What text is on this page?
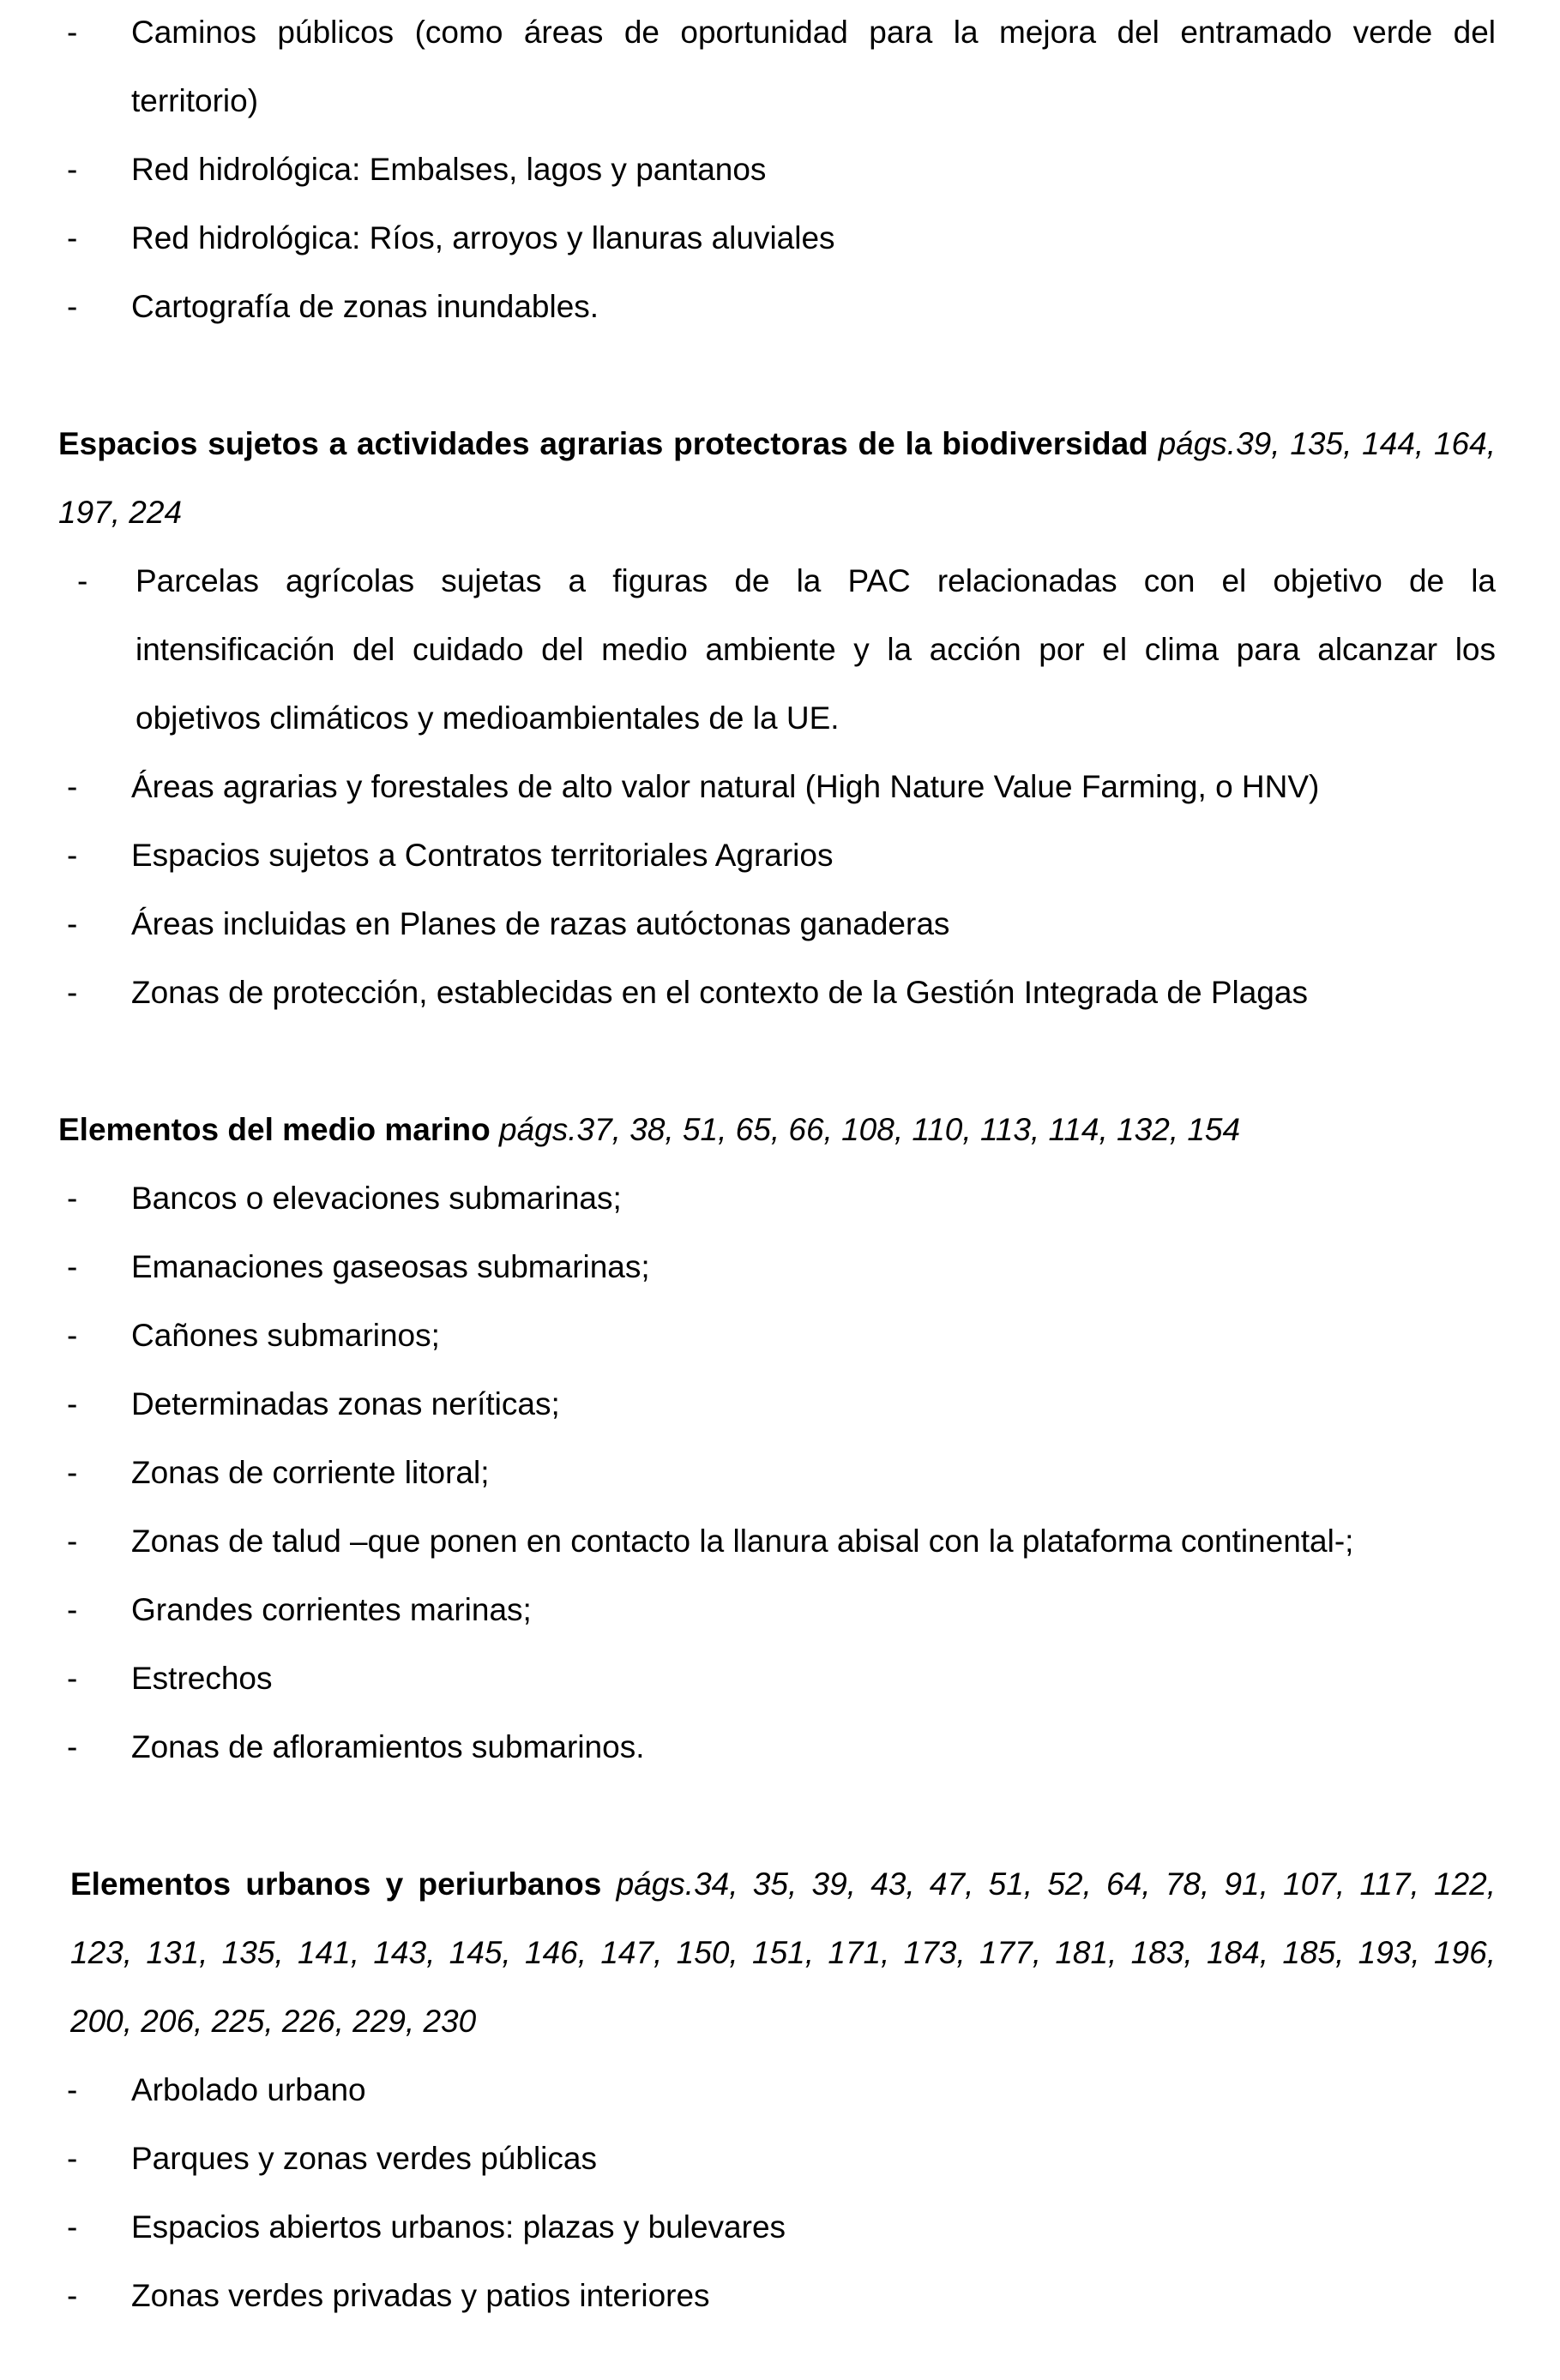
- Caminos públicos (como áreas de oportunidad para la mejora del entramado verde del
territorio)
- Red hidrológica: Embalses, lagos y pantanos
- Red hidrológica: Ríos, arroyos y llanuras aluviales
- Cartografía de zonas inundables.
Espacios sujetos a actividades agrarias protectoras de la biodiversidad págs.39, 135, 144, 164,
197, 224
- Parcelas agrícolas sujetas a figuras de la PAC relacionadas con el objetivo de la
intensificación del cuidado del medio ambiente y la acción por el clima para alcanzar los
objetivos climáticos y medioambientales de la UE.
- Áreas agrarias y forestales de alto valor natural (High Nature Value Farming, o HNV)
- Espacios sujetos a Contratos territoriales Agrarios
- Áreas incluidas en Planes de razas autóctonas ganaderas
- Zonas de protección, establecidas en el contexto de la Gestión Integrada de Plagas
Elementos del medio marino págs.37, 38, 51, 65, 66, 108, 110, 113, 114, 132, 154
- Bancos o elevaciones submarinas;
- Emanaciones gaseosas submarinas;
- Cañones submarinos;
- Determinadas zonas neríticas;
- Zonas de corriente litoral;
- Zonas de talud –que ponen en contacto la llanura abisal con la plataforma continental-;
- Grandes corrientes marinas;
- Estrechos
- Zonas de afloramientos submarinos.
Elementos urbanos y periurbanos págs.34, 35, 39, 43, 47, 51, 52, 64, 78, 91, 107, 117, 122,
123, 131, 135, 141, 143, 145, 146, 147, 150, 151, 171, 173, 177, 181, 183, 184, 185, 193, 196,
200, 206, 225, 226, 229, 230
- Arbolado urbano
- Parques y zonas verdes públicas
- Espacios abiertos urbanos: plazas y bulevares
- Zonas verdes privadas y patios interiores
